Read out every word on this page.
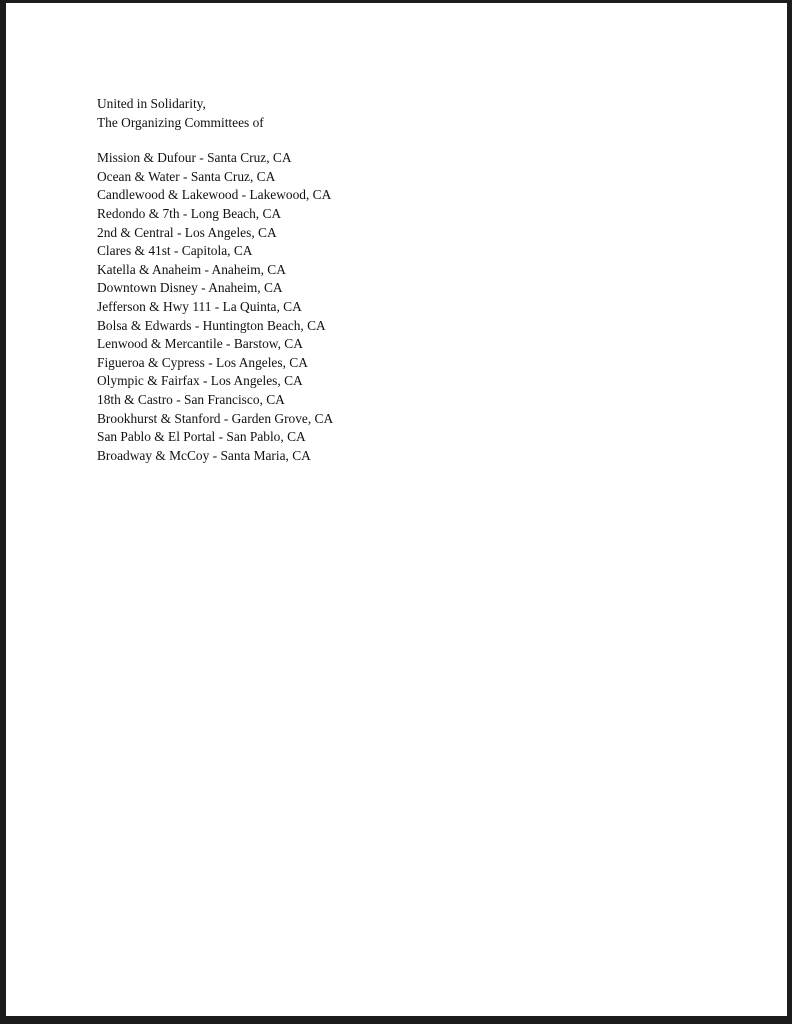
United in Solidarity,
The Organizing Committees of
Mission & Dufour - Santa Cruz, CA
Ocean & Water - Santa Cruz, CA
Candlewood & Lakewood - Lakewood, CA
Redondo & 7th - Long Beach, CA
2nd & Central - Los Angeles, CA
Clares & 41st - Capitola, CA
Katella & Anaheim - Anaheim, CA
Downtown Disney - Anaheim, CA
Jefferson & Hwy 111 - La Quinta, CA
Bolsa & Edwards - Huntington Beach, CA
Lenwood & Mercantile - Barstow, CA
Figueroa & Cypress - Los Angeles, CA
Olympic & Fairfax - Los Angeles, CA
18th & Castro - San Francisco, CA
Brookhurst & Stanford - Garden Grove, CA
San Pablo & El Portal - San Pablo, CA
Broadway & McCoy - Santa Maria, CA
